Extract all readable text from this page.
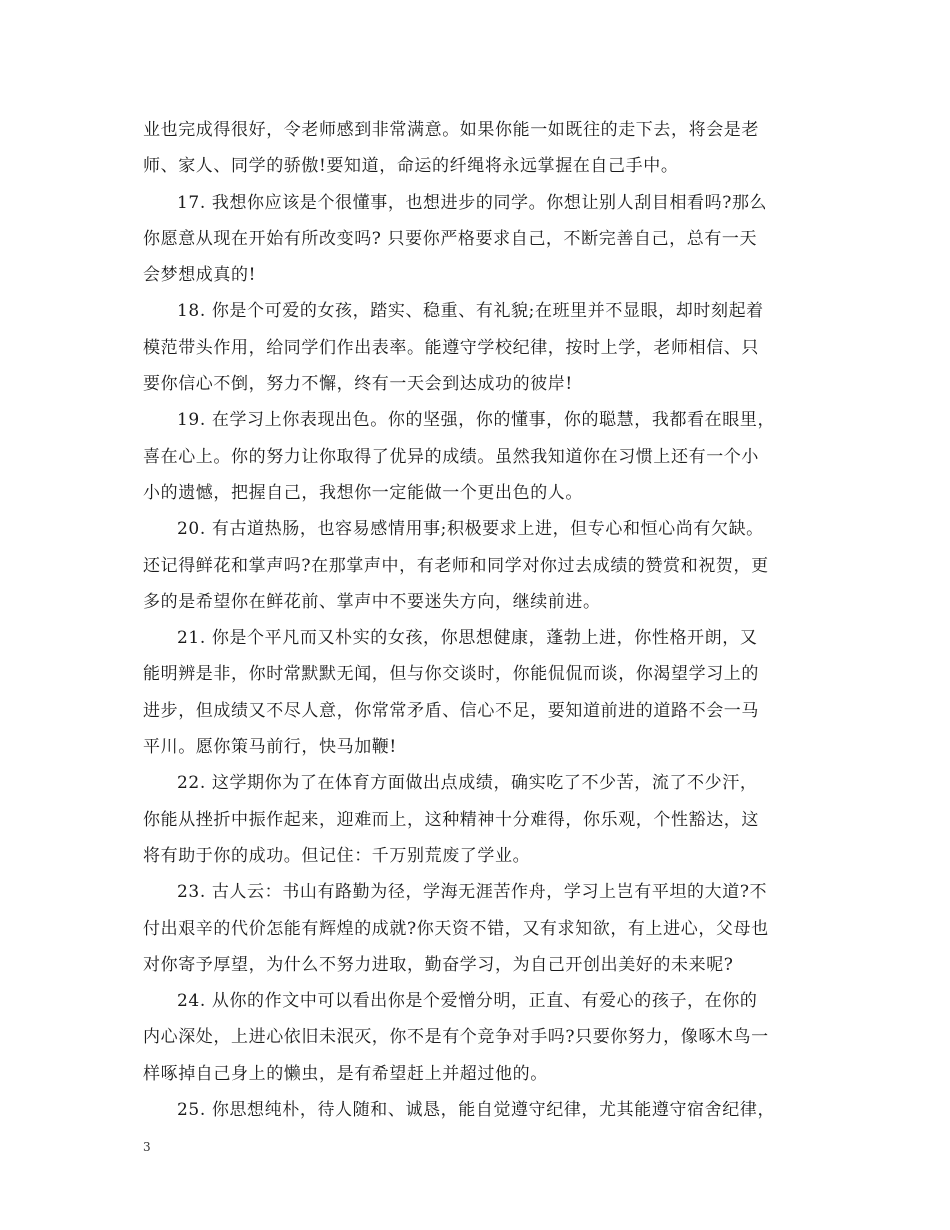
业也完成得很好，令老师感到非常满意。如果你能一如既往的走下去，将会是老
师、家人、同学的骄傲!要知道，命运的纤绳将永远掌握在自己手中。
17. 我想你应该是个很懂事，也想进步的同学。你想让别人刮目相看吗?那么
你愿意从现在开始有所改变吗? 只要你严格要求自己，不断完善自己，总有一天
会梦想成真的!
18. 你是个可爱的女孩，踏实、稳重、有礼貌;在班里并不显眼，却时刻起着
模范带头作用，给同学们作出表率。能遵守学校纪律，按时上学，老师相信、只
要你信心不倒，努力不懈，终有一天会到达成功的彼岸!
19. 在学习上你表现出色。你的坚强，你的懂事，你的聪慧，我都看在眼里，
喜在心上。你的努力让你取得了优异的成绩。虽然我知道你在习惯上还有一个小
小的遗憾，把握自己，我想你一定能做一个更出色的人。
20. 有古道热肠，也容易感情用事;积极要求上进，但专心和恒心尚有欠缺。
还记得鲜花和掌声吗?在那掌声中，有老师和同学对你过去成绩的赞赏和祝贺，更
多的是希望你在鲜花前、掌声中不要迷失方向，继续前进。
21. 你是个平凡而又朴实的女孩，你思想健康，蓬勃上进，你性格开朗，又
能明辨是非，你时常默默无闻，但与你交谈时，你能侃侃而谈，你渴望学习上的
进步，但成绩又不尽人意，你常常矛盾、信心不足，要知道前进的道路不会一马
平川。愿你策马前行，快马加鞭!
22. 这学期你为了在体育方面做出点成绩，确实吃了不少苦，流了不少汗，
你能从挫折中振作起来，迎难而上，这种精神十分难得，你乐观，个性豁达，这
将有助于你的成功。但记住：千万别荒废了学业。
23. 古人云：书山有路勤为径，学海无涯苦作舟，学习上岂有平坦的大道?不
付出艰辛的代价怎能有辉煌的成就?你天资不错，又有求知欲，有上进心，父母也
对你寄予厚望，为什么不努力进取，勤奋学习，为自己开创出美好的未来呢?
24. 从你的作文中可以看出你是个爱憎分明，正直、有爱心的孩子，在你的
内心深处，上进心依旧未泯灭，你不是有个竞争对手吗?只要你努力，像啄木鸟一
样啄掉自己身上的懒虫，是有希望赶上并超过他的。
25. 你思想纯朴，待人随和、诚恳，能自觉遵守纪律，尤其能遵守宿舍纪律，
3
